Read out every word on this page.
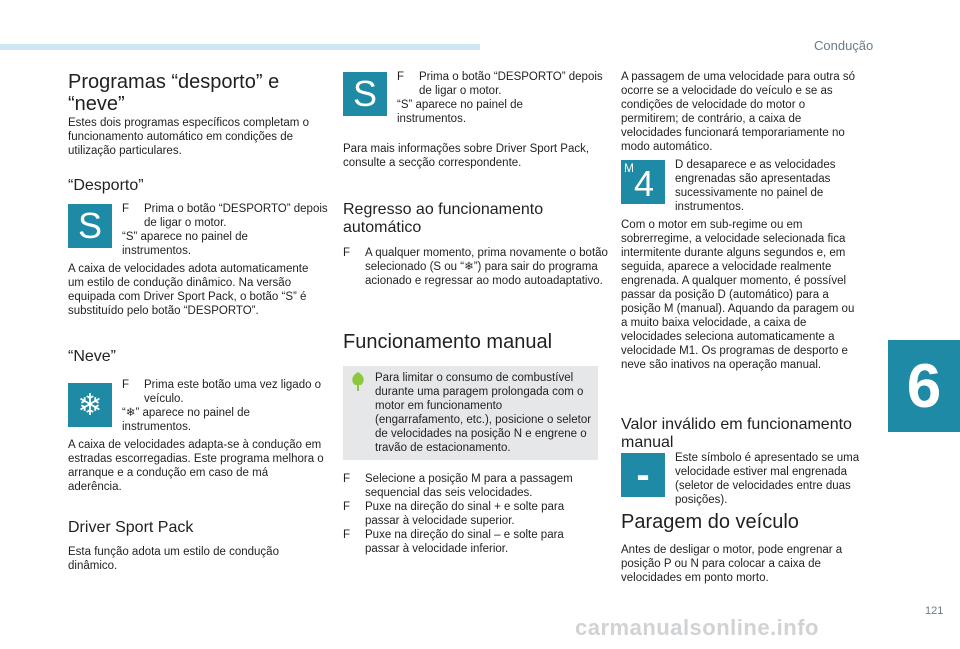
Condução
Programas “desporto” e
“neve”

Estes dois programas específicos completam o funcionamento automático em condições de utilização particulares.

“Desporto”
S F Prima o botão “DESPORTO” depois de ligar o motor.

“S” aparece no painel de instrumentos.

A caixa de velocidades adota automaticamente um estilo de condução dinâmico. Na versão equipada com Driver Sport Pack, o botão “S” é substituído pelo botão “DESPORTO”.

“Neve”
❄

F Prima este botão uma vez ligado o veículo.

“❄” aparece no painel de instrumentos.

A caixa de velocidades adapta-se à condução em estradas escorregadias. Este programa melhora o arranque e a condução em caso de má aderência.

Driver Sport Pack

Esta função adota um estilo de condução dinâmico.

S F Prima o botão “DESPORTO” depois de ligar o motor.

“S” aparece no painel de instrumentos.

Para mais informações sobre Driver Sport Pack, consulte a secção correspondente.

Regresso ao funcionamento
automático

F A qualquer momento, prima novamente o botão selecionado (S ou “❄”) para sair do programa acionado e regressar ao modo autoadaptativo.

Funcionamento manual

Para limitar o consumo de combustível durante uma paragem prolongada com o motor em funcionamento (engarrafamento, etc.), posicione o seletor de velocidades na posição N e engrene o travão de estacionamento.

F Selecione a posição M para a passagem sequencial das seis velocidades.

F Puxe na direção do sinal + e solte para passar à velocidade superior.

F Puxe na direção do sinal – e solte para passar à velocidade inferior.

A passagem de uma velocidade para outra só ocorre se a velocidade do veículo e se as condições de velocidade do motor o permitirem; de contrário, a caixa de velocidades funcionará temporariamente no modo automático.

M 4 D desaparece e as velocidades engrenadas são apresentadas sucessivamente no painel de instrumentos.

Com o motor em sub-regime ou em sobrerregime, a velocidade selecionada fica intermitente durante alguns segundos e, em seguida, aparece a velocidade realmente engrenada. A qualquer momento, é possível passar da posição D (automático) para a posição M (manual). Aquando da paragem ou a muito baixa velocidade, a caixa de velocidades seleciona automaticamente a velocidade M1. Os programas de desporto e neve são inativos na operação manual.

Valor inválido em funcionamento
manual
- Este símbolo é apresentado se uma velocidade estiver mal engrenada (seletor de velocidades entre duas posições).

Paragem do veículo

Antes de desligar o motor, pode engrenar a posição P ou N para colocar a caixa de velocidades em ponto morto.

6
121
carmanualsonline.info
